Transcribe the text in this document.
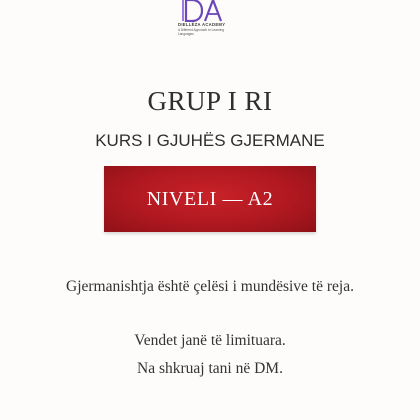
DIELLËZA ACADEMY
A Different Approach to Learning
Languages
GRUP I RI
KURS I GJUHËS GJERMANE
NIVELI — A2
Gjermanishtja është çelësi i mundësive të reja.
Vendet janë të limituara.
Na shkruaj tani në DM.
